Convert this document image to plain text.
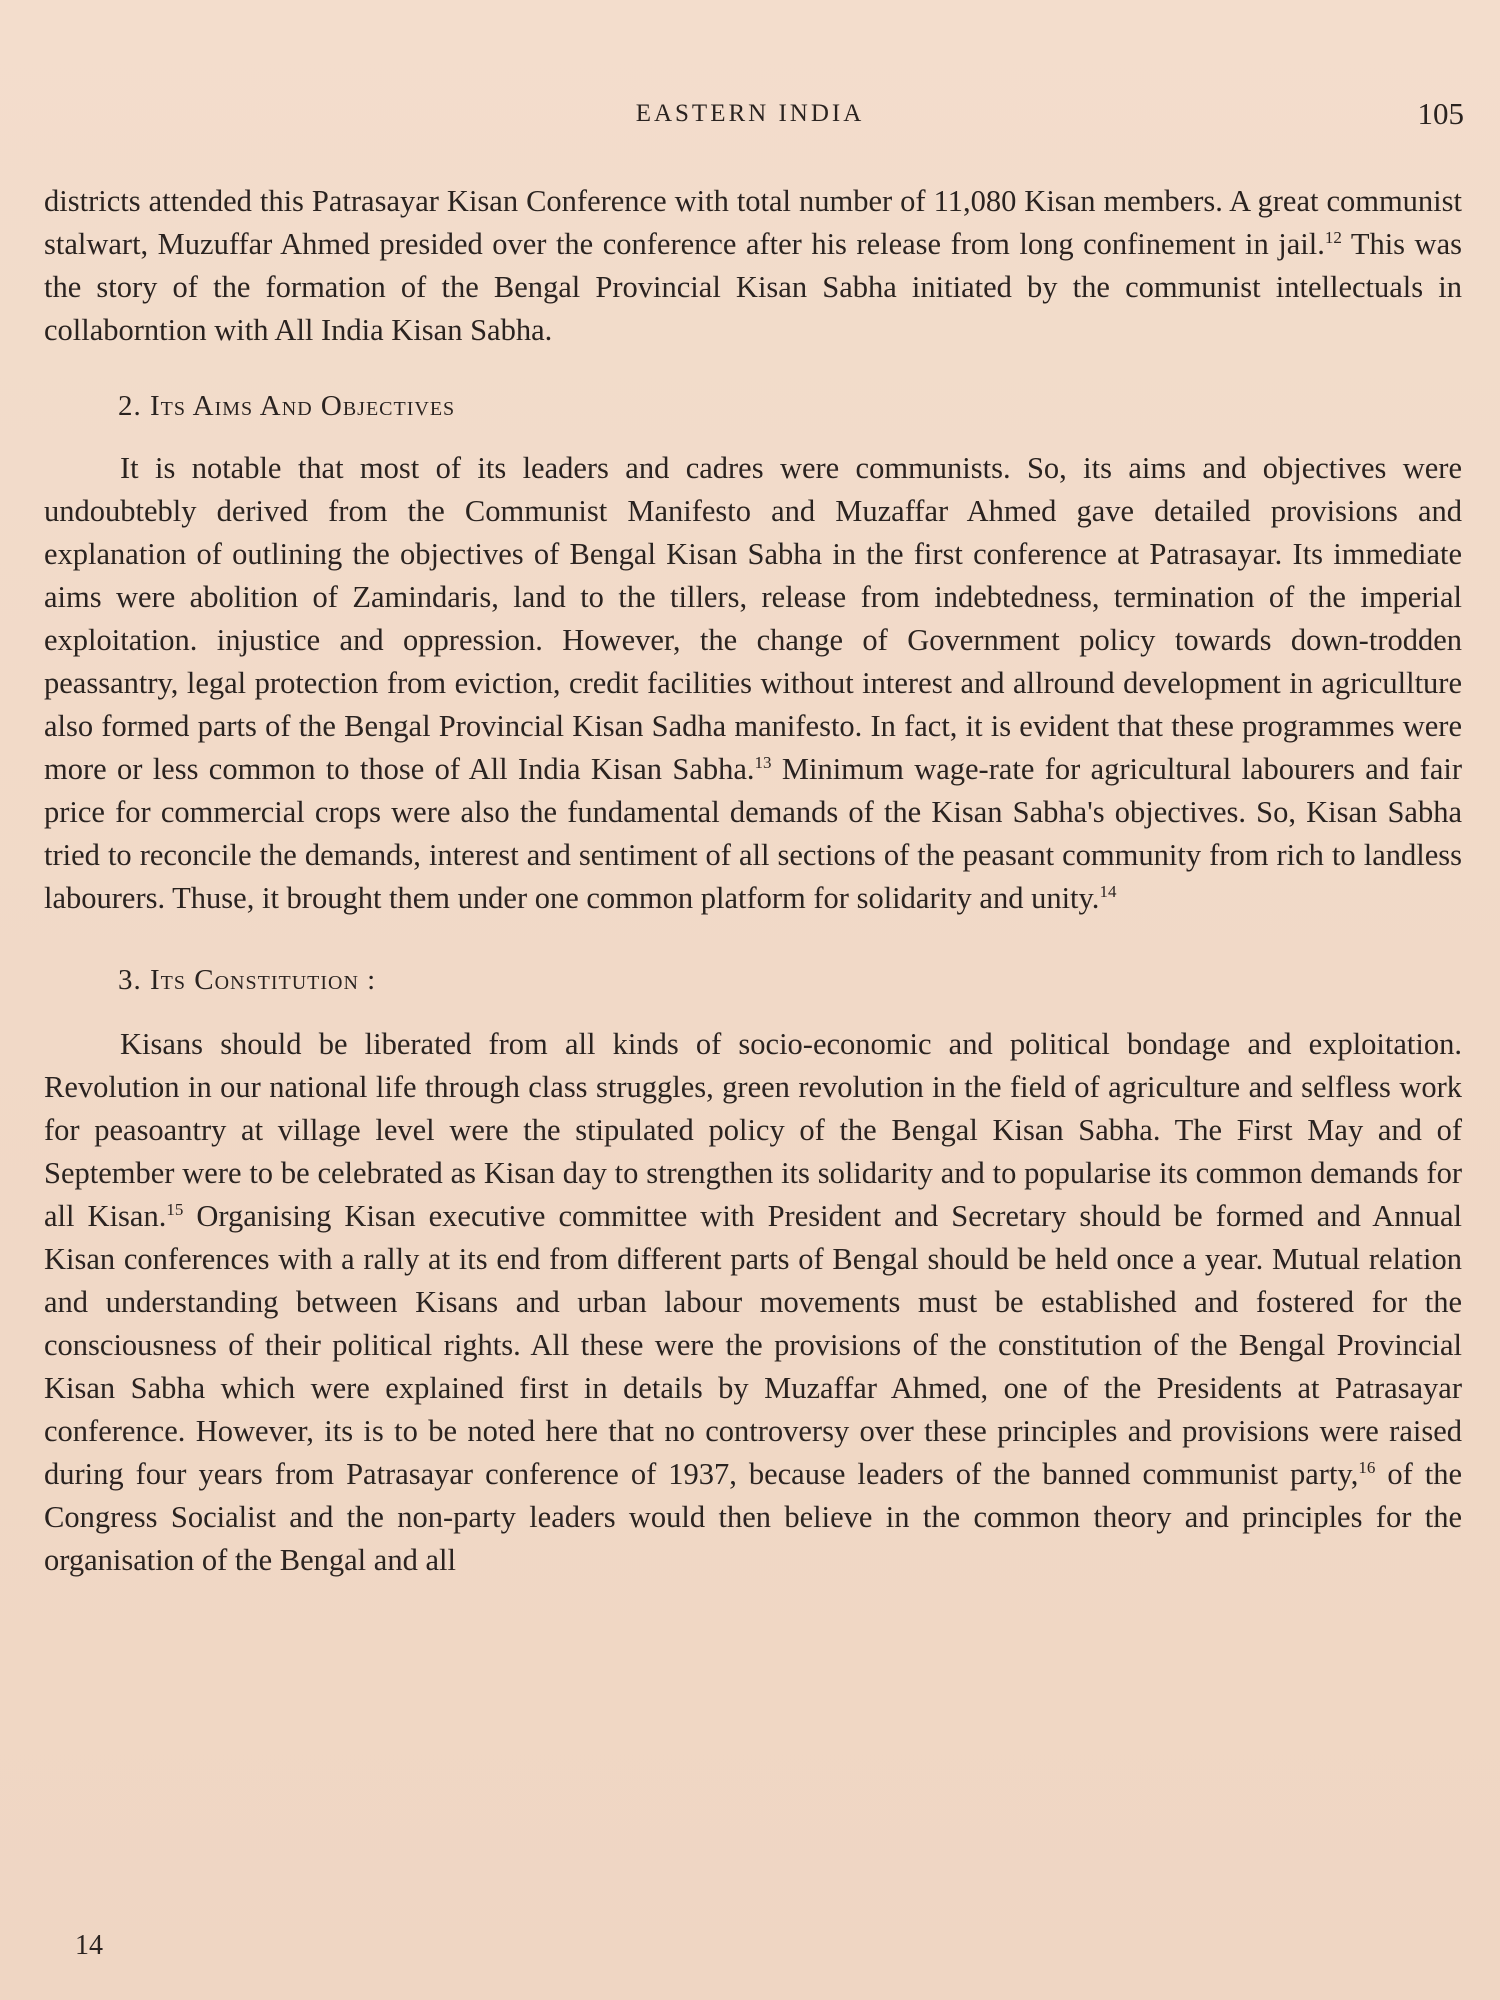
EASTERN INDIA	105

districts attended this Patrasayar Kisan Conference with total number of 11,080 Kisan members. A great communist stalwart, Muzuffar Ahmed presided over the conference after his release from long confinement in jail.$^{12}$ This was the story of the formation of the Bengal Provincial Kisan Sabha initiated by the communist intellectuals in collaborntion with All India Kisan Sabha.

2. Its Aims And Objectives

It is notable that most of its leaders and cadres were communists. So, its aims and objectives were undoubtebly derived from the Communist Manifesto and Muzaffar Ahmed gave detailed provisions and explanation of outlining the objectives of Bengal Kisan Sabha in the first conference at Patrasayar. Its immediate aims were abolition of Zamindaris, land to the tillers, release from indebtedness, termination of the imperial exploitation. injustice and oppression. However, the change of Government policy towards down-trodden peassantry, legal protection from eviction, credit facilities without interest and allround development in agricullture also formed parts of the Bengal Provincial Kisan Sadha manifesto. In fact, it is evident that these programmes were more or less common to those of All India Kisan Sabha.$^{13}$ Minimum wage-rate for agricultural labourers and fair price for commercial crops were also the fundamental demands of the Kisan Sabha's objectives. So, Kisan Sabha tried to reconcile the demands, interest and sentiment of all sections of the peasant community from rich to landless labourers. Thuse, it brought them under one common platform for solidarity and unity.$^{14}$

3. Its Constitution :

Kisans should be liberated from all kinds of socio-economic and political bondage and exploitation. Revolution in our national life through class struggles, green revolution in the field of agriculture and selfless work for peasoantry at village level were the stipulated policy of the Bengal Kisan Sabha. The First May and of September were to be celebrated as Kisan day to strengthen its solidarity and to popularise its common demands for all Kisan.$^{15}$ Organising Kisan executive committee with President and Secretary should be formed and Annual Kisan conferences with a rally at its end from different parts of Bengal should be held once a year. Mutual relation and understanding between Kisans and urban labour movements must be established and fostered for the consciousness of their political rights. All these were the provisions of the constitution of the Bengal Provincial Kisan Sabha which were explained first in details by Muzaffar Ahmed, one of the Presidents at Patrasayar conference. However, its is to be noted here that no controversy over these principles and provisions were raised during four years from Patrasayar conference of 1937, because leaders of the banned communist party,$^{16}$ of the Congress Socialist and the non-party leaders would then believe in the common theory and principles for the organisation of the Bengal and all

14
